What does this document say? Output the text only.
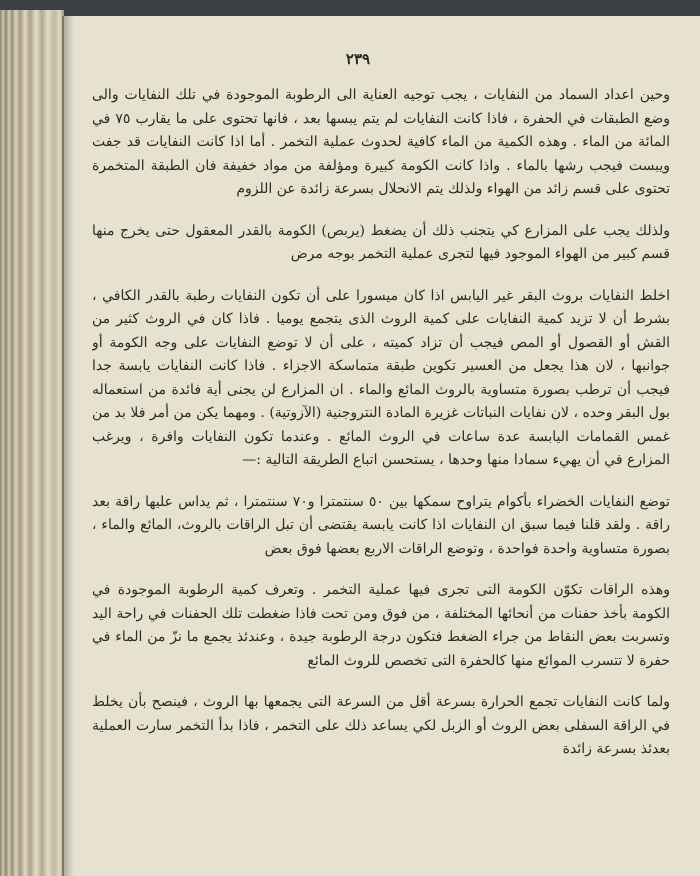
٢٣٩

وحين اعداد السماد من النفايات ، يجب توجيه العناية الى الرطوبة الموجودة في تلك النفايات والى وضع الطبقات في الحفرة ، فاذا كانت النفايات لم يتم يبسها بعد ، فانها تحتوى على ما يقارب ٧٥ في المائة من الماء . وهذه الكمية من الماء كافية لحدوث عملية التخمر . أما اذا كانت النفايات قد جفت ويبست فيجب رشها بالماء . واذا كانت الكومة كبيرة ومؤلفة من مواد خفيفة فان الطبقة المتخمرة تحتوى على قسم زائد من الهواء ولذلك يتم الانحلال بسرعة زائدة عن اللزوم

ولذلك يجب على المزارع كي يتجنب ذلك أن يضغط (يربص) الكومة بالقدر المعقول حتى يخرج منها قسم كبير من الهواء الموجود فيها لتجرى عملية التخمر بوجه مرض

اخلط النفايات بروث البقر غير اليابس اذا كان ميسورا على أن تكون النفايات رطبة بالقدر الكافي ، بشرط أن لا تزيد كمية النفايات على كمية الروث الذى يتجمع يوميا . فاذا كان في الروث كثير من القش أو القصول أو المص فيجب أن تزاد كميته ، على أن لا توضع النفايات على وجه الكومة أو جوانبها ، لان هذا يجعل من العسير تكوين طبقة متماسكة الاجزاء . فاذا كانت النفايات يابسة جدا فيجب أن ترطب بصورة متساوية بالروث المائع والماء . ان المزارع لن يجنى أية فائدة من استعماله بول البقر وحده ، لان نفايات النباتات غزيرة المادة النتروجنية (الآزوتية) . ومهما يكن من أمر فلا بد من غمس القمامات اليابسة عدة ساعات في الروث المائع . وعندما تكون النفايات وافرة ، ويرغب المزارع في أن يهيء سمادا منها وحدها ، يستحسن اتباع الطريقة التالية :—

توضع النفايات الخضراء بأكوام يتراوح سمكها بين ٥٠ سنتمترا و٧٠ سنتمترا ، ثم يداس عليها راقة بعد راقة . ولقد قلنا فيما سبق ان النفايات اذا كانت يابسة يقتضى أن تبل الراقات بالروث، المائع والماء ، بصورة متساوية واحدة فواحدة ، وتوضع الراقات الاربع بعضها فوق بعض

وهذه الراقات تكوّن الكومة التى تجرى فيها عملية التخمر . وتعرف كمية الرطوبة الموجودة في الكومة بأخذ حفنات من أنحائها المختلفة ، من فوق ومن تحت فاذا ضغطت تلك الحفنات في راحة اليد وتسربت بعض النقاط من جراء الضغط فتكون درجة الرطوبة جيدة ، وعندئذ يجمع ما نزّ من الماء في حفرة لا تتسرب الموائع منها كالحفرة التى تخصص للروث المائع

ولما كانت النفايات تجمع الحرارة بسرعة أقل من السرعة التى يجمعها بها الروث ، فينصح بأن يخلط في الراقة السفلى بعض الروث أو الزبل لكي يساعد ذلك على التخمر ، فاذا بدأ التخمر سارت العملية بعدئذ بسرعة زائدة
